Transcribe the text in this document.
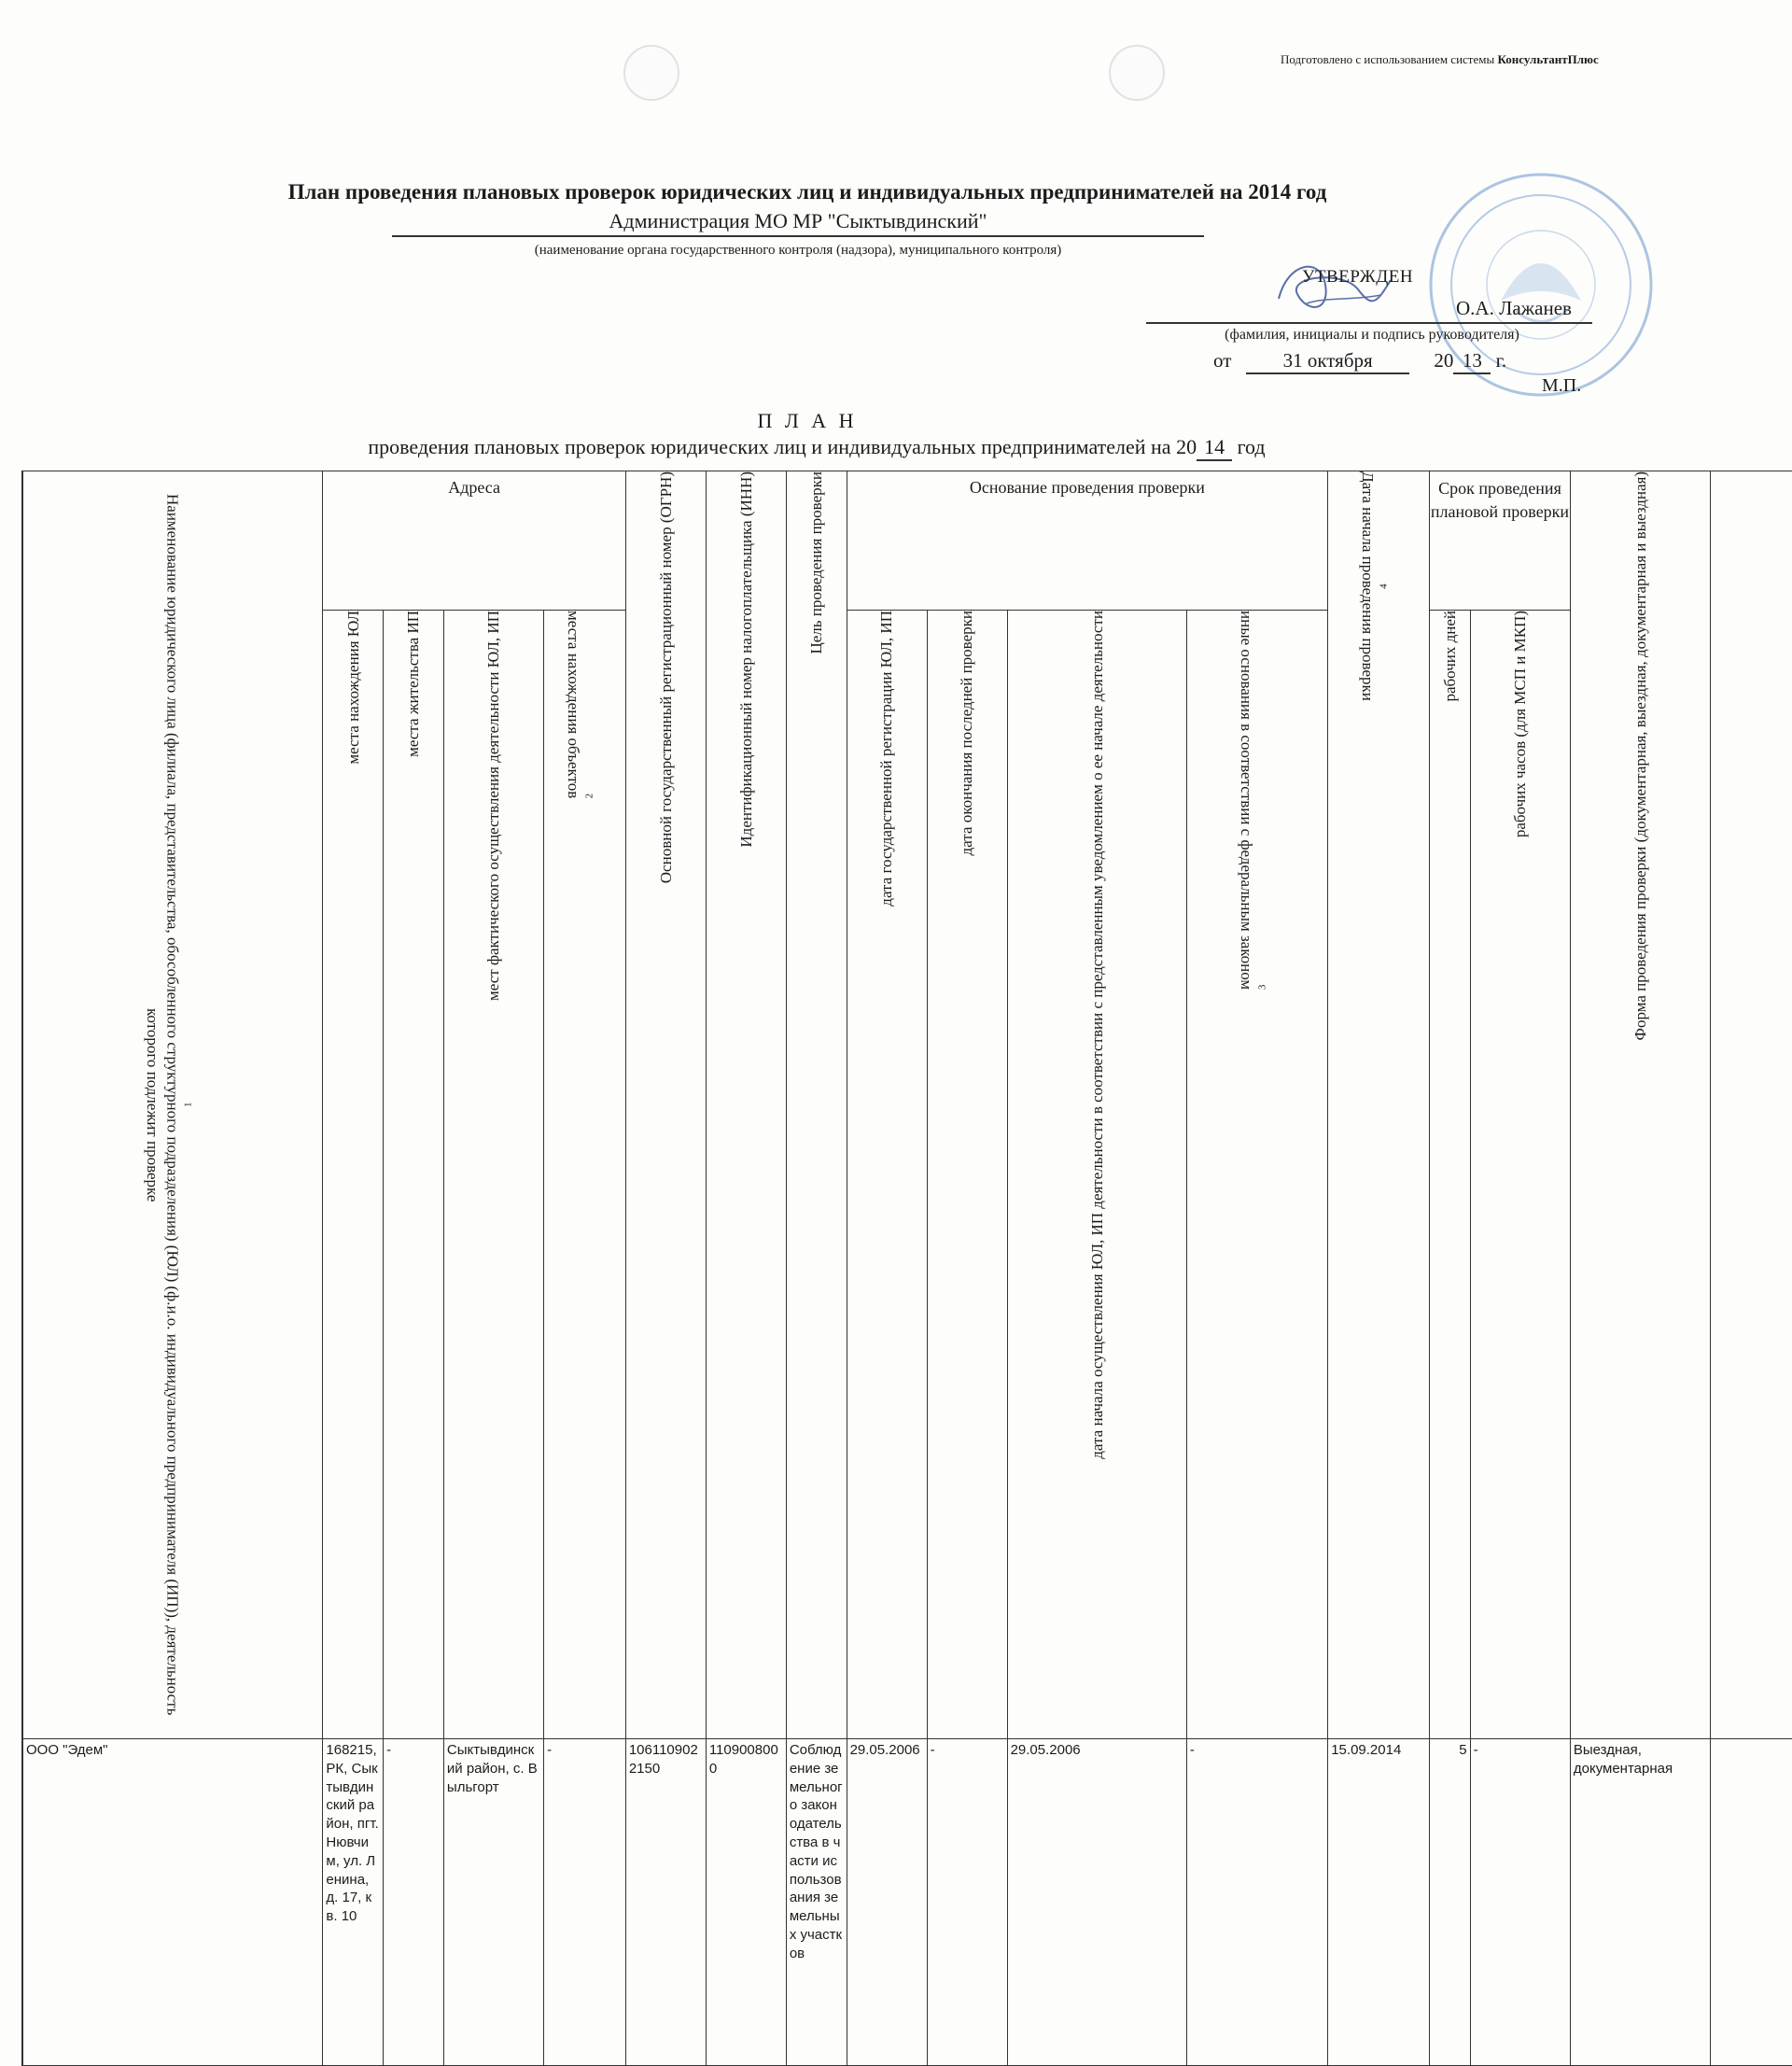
Подготовлено с использованием системы КонсультантПлюс
План проведения плановых проверок юридических лиц и индивидуальных предпринимателей на 2014 год
Администрация МО МР "Сыктывдинский"
(наименование органа государственного контроля (надзора), муниципального контроля)
УТВЕРЖДЕН
О.А. Лажанев
(фамилия, инициалы и подпись руководителя)
от	31 октября	20 13 г.
М.П.
П Л А Н
проведения плановых проверок юридических лиц и индивидуальных предпринимателей на 20 14 год

	Наименование юридического лица (филиала, представительства, обособленного структурного подразделения) (ЮЛ) (ф.и.о. индивидуального предпринимателя (ИП)), деятельность которого подлежит проверке $^1$	Адреса				Основной государственный регистрационный номер (ОГРН)	Идентификационный номер налогоплательщика (ИНН)	Цель проведения проверки	Основание проведения проверки				Дата начала проведения проверки $^4$	Срок проведения плановой проверки		Форма проведения проверки (документарная, выездная, документарная и выездная)

	места нахождения ЮЛ	места жительства ИП	мест фактического осуществления деятельности ЮЛ, ИП	места нахождения объектов $^2$				дата государственной регистрации ЮЛ, ИП	дата окончания последней проверки	дата начала осуществления ЮЛ, ИП деятельности в соответствии с представленным уведомлением о ее начале деятельности	иные основания в соответствии с федеральным законом $^3$		рабочих дней	рабочих часов (для МСП и МКП)		

	ООО "Эдем"	168215, РК, Сыктывдинский район, пгт. Нювчим, ул. Ленина, д. 17, к	-	Сыктывдинский район, с. Выльгорт	-	1061109022150	1109008000	Соблюдение земельного законодательства в части использования зе	29.05.2006	-	29.05.2006	-	15.09.2014	5	-	Выездная, документарная	
